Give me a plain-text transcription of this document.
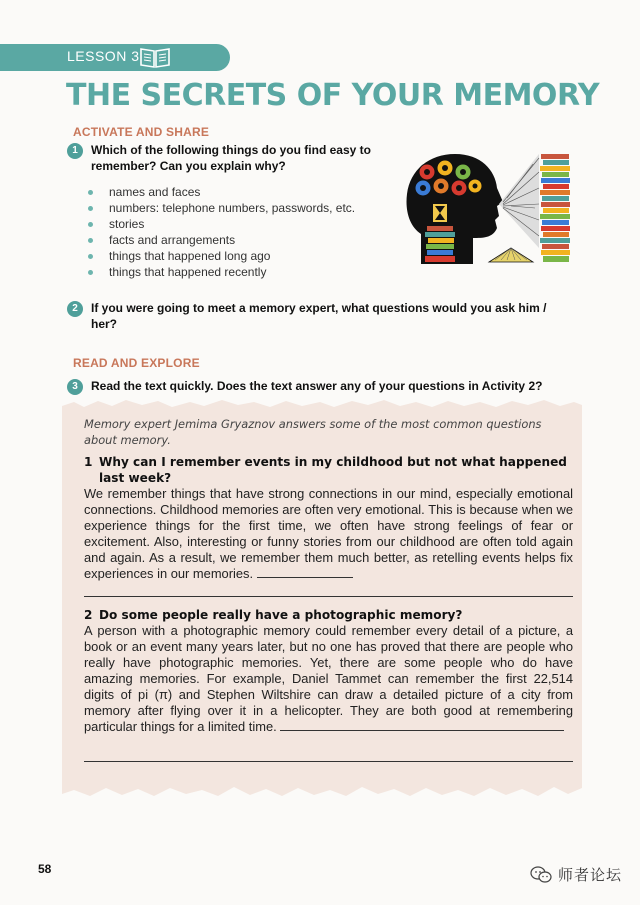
LESSON 3
THE SECRETS OF YOUR MEMORY
ACTIVATE AND SHARE
1	Which of the following things do you find easy to
remember? Can you explain why?
names and faces
numbers: telephone numbers, passwords, etc.
stories
facts and arrangements
things that happened long ago
things that happened recently
2	If you were going to meet a memory expert, what questions would you ask him /
her?
READ AND EXPLORE
3	Read the text quickly. Does the text answer any of your questions in Activity 2?

Memory expert Jemima Gryaznov answers some of the most common questions about memory.

1 Why can I remember events in my childhood but not what happened last week?

We remember things that have strong connections in our mind, especially emotional connections. Childhood memories are often very emotional. This is because when we experience things for the first time, we often have strong feelings of fear or excitement. Also, interesting or funny stories from our childhood are often told again and again. As a result, we remember them much better, as retelling events helps fix experiences in our memories.

2 Do some people really have a photographic memory?

A person with a photographic memory could remember every detail of a picture, a book or an event many years later, but no one has proved that there are people who really have photographic memories. Yet, there are some people who do have amazing memories. For example, Daniel Tammet can remember the first 22,514 digits of pi (π) and Stephen Wiltshire can draw a detailed picture of a city from memory after flying over it in a helicopter. They are both good at remembering particular things for a limited time.

58	师者论坛
